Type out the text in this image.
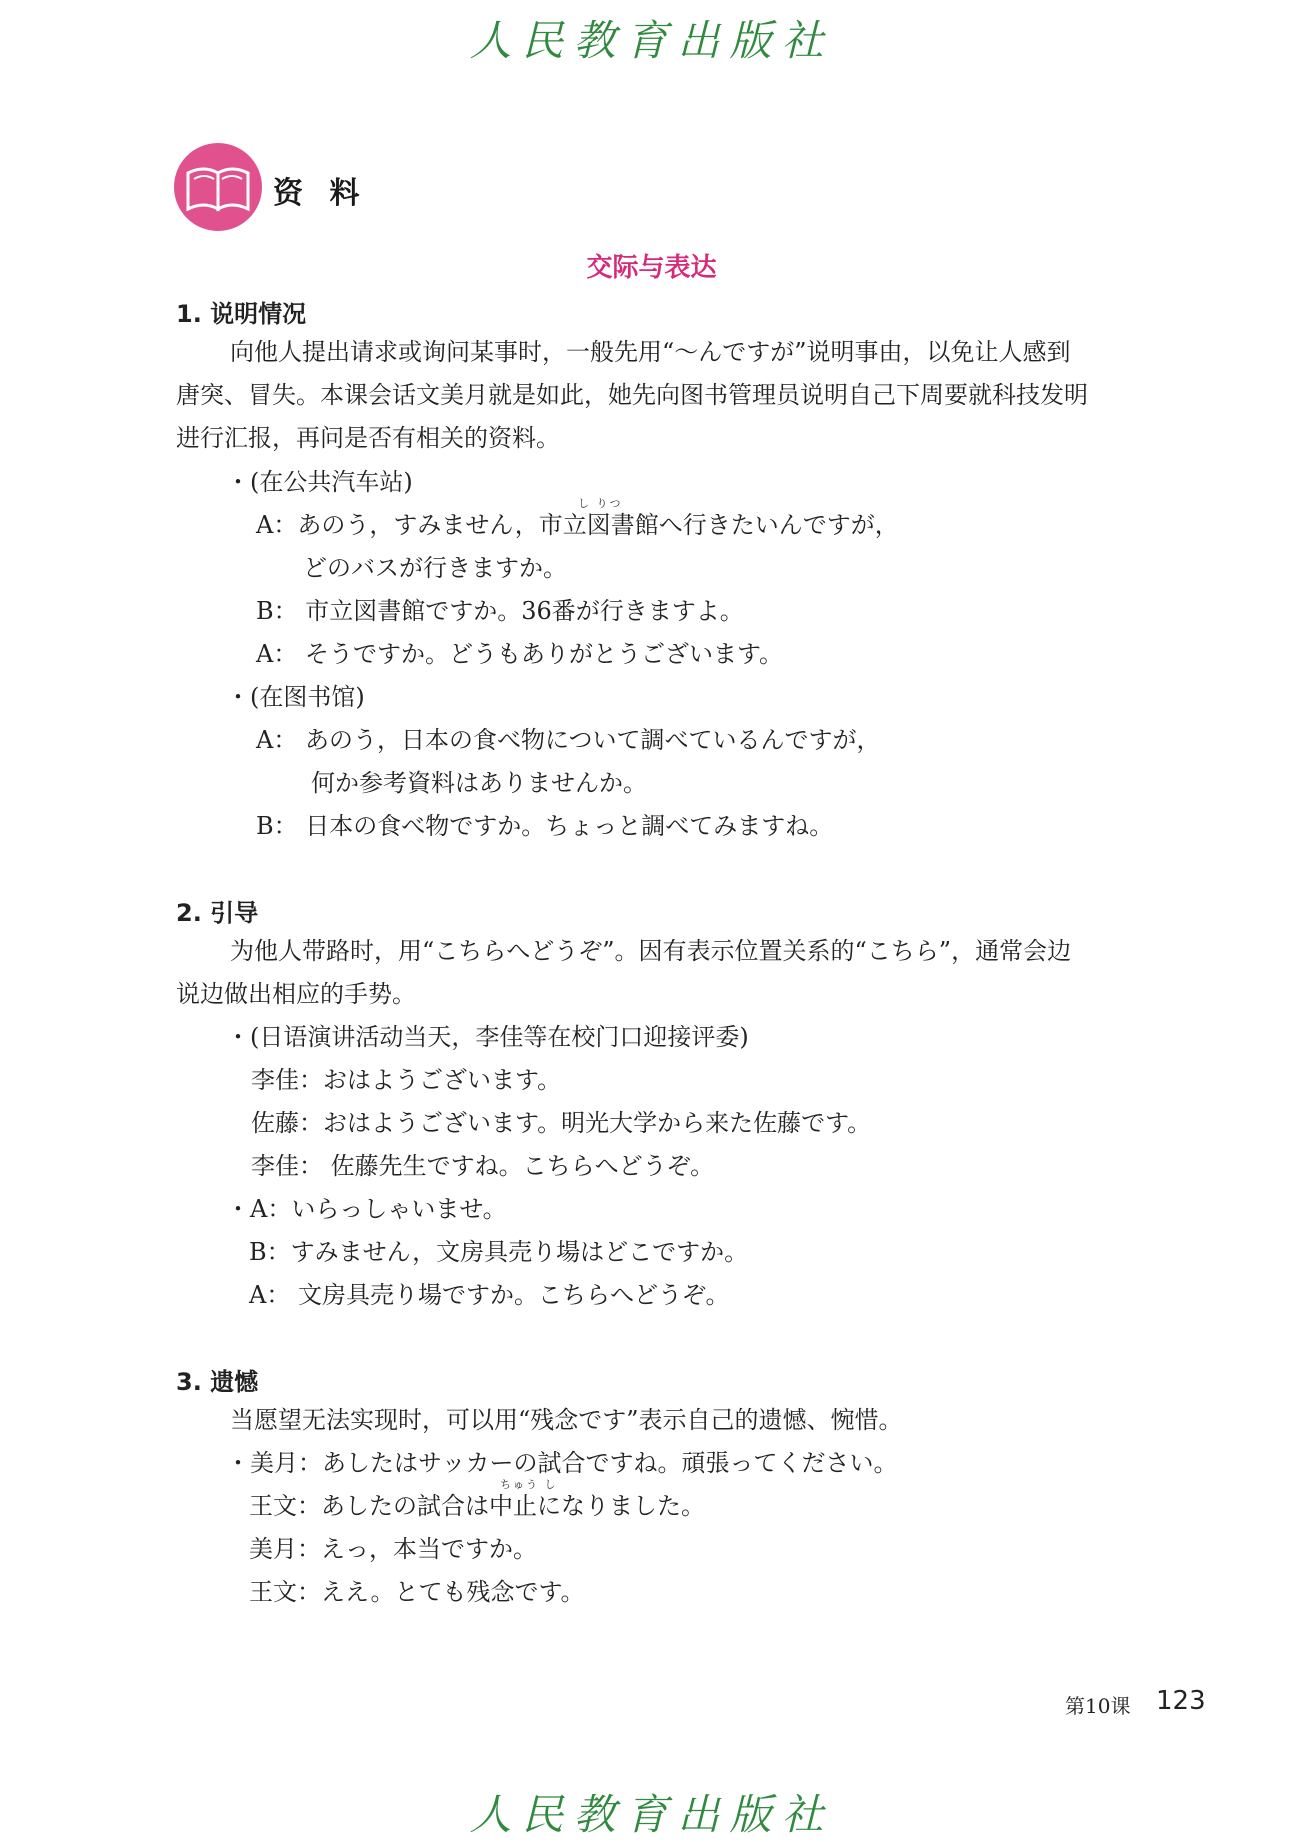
人民教育出版社
资 料
交际与表达
1. 说明情况
向他人提出请求或询问某事时，一般先用“～んですが”说明事由，以免让人感到
唐突、冒失。本课会话文美月就是如此，她先向图书管理员说明自己下周要就科技发明
进行汇报，再问是否有相关的资料。
・(在公共汽车站)
し りつ
A：あのう，すみません，市立図書館へ行きたいんですが，
どのバスが行きますか。
B： 市立図書館ですか。36番が行きますよ。
A： そうですか。どうもありがとうございます。
・(在图书馆)
A： あのう，日本の食べ物について調べているんですが，
何か参考資料はありませんか。
B： 日本の食べ物ですか。ちょっと調べてみますね。
2. 引导
为他人带路时，用“こちらへどうぞ”。因有表示位置关系的“こちら”，通常会边
说边做出相应的手势。
・(日语演讲活动当天，李佳等在校门口迎接评委)
李佳：おはようございます。
佐藤：おはようございます。明光大学から来た佐藤です。
李佳： 佐藤先生ですね。こちらへどうぞ。
・A：いらっしゃいませ。
B：すみません，文房具売り場はどこですか。
A： 文房具売り場ですか。こちらへどうぞ。
3. 遗憾
当愿望无法实现时，可以用“残念です”表示自己的遗憾、惋惜。
・美月：あしたはサッカーの試合ですね。頑張ってください。
ちゅう し
王文：あしたの試合は中止になりました。
美月：えっ，本当ですか。
王文：ええ。とても残念です。
第10课 123
人民教育出版社
